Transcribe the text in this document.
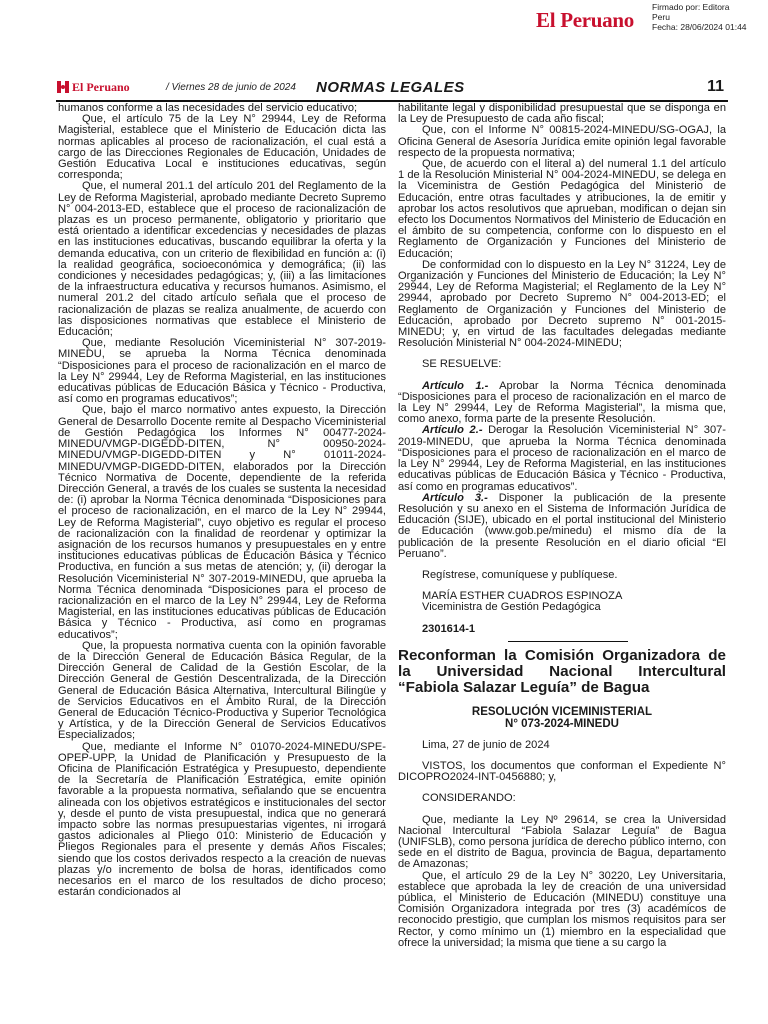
El Peruano
Firmado por: Editora
Peru
Fecha: 28/06/2024 01:44
El Peruano	/ Viernes 28 de junio de 2024 NORMAS LEGALES	11

humanos conforme a las necesidades del servicio educativo;

Que, el artículo 75 de la Ley N° 29944, Ley de Reforma Magisterial, establece que el Ministerio de Educación dicta las normas aplicables al proceso de racionalización, el cual está a cargo de las Direcciones Regionales de Educación, Unidades de Gestión Educativa Local e instituciones educativas, según corresponda;

Que, el numeral 201.1 del artículo 201 del Reglamento de la Ley de Reforma Magisterial, aprobado mediante Decreto Supremo N° 004-2013-ED, establece que el proceso de racionalización de plazas es un proceso permanente, obligatorio y prioritario que está orientado a identificar excedencias y necesidades de plazas en las instituciones educativas, buscando equilibrar la oferta y la demanda educativa, con un criterio de flexibilidad en función a: (i) la realidad geográfica, socioeconómica y demográfica; (ii) las condiciones y necesidades pedagógicas; y, (iii) a las limitaciones de la infraestructura educativa y recursos humanos. Asimismo, el numeral 201.2 del citado artículo señala que el proceso de racionalización de plazas se realiza anualmente, de acuerdo con las disposiciones normativas que establece el Ministerio de Educación;

Que, mediante Resolución Viceministerial N° 307-2019-MINEDU, se aprueba la Norma Técnica denominada “Disposiciones para el proceso de racionalización en el marco de la Ley N° 29944, Ley de Reforma Magisterial, en las instituciones educativas públicas de Educación Básica y Técnico - Productiva, así como en programas educativos”;

Que, bajo el marco normativo antes expuesto, la Dirección General de Desarrollo Docente remite al Despacho Viceministerial de Gestión Pedagógica los Informes N° 00477-2024-MINEDU/VMGP-DIGEDD-DITEN, N° 00950-2024-MINEDU/VMGP-DIGEDD-DITEN y N° 01011-2024-MINEDU/VMGP-DIGEDD-DITEN, elaborados por la Dirección Técnico Normativa de Docente, dependiente de la referida Dirección General, a través de los cuales se sustenta la necesidad de: (i) aprobar la Norma Técnica denominada “Disposiciones para el proceso de racionalización, en el marco de la Ley N° 29944, Ley de Reforma Magisterial”, cuyo objetivo es regular el proceso de racionalización con la finalidad de reordenar y optimizar la asignación de los recursos humanos y presupuestales en y entre instituciones educativas públicas de Educación Básica y Técnico Productiva, en función a sus metas de atención; y, (ii) derogar la Resolución Viceministerial N° 307-2019-MINEDU, que aprueba la Norma Técnica denominada “Disposiciones para el proceso de racionalización en el marco de la Ley N° 29944, Ley de Reforma Magisterial, en las instituciones educativas públicas de Educación Básica y Técnico - Productiva, así como en programas educativos”;

Que, la propuesta normativa cuenta con la opinión favorable de la Dirección General de Educación Básica Regular, de la Dirección General de Calidad de la Gestión Escolar, de la Dirección General de Gestión Descentralizada, de la Dirección General de Educación Básica Alternativa, Intercultural Bilingüe y de Servicios Educativos en el Ámbito Rural, de la Dirección General de Educación Técnico-Productiva y Superior Tecnológica y Artística, y de la Dirección General de Servicios Educativos Especializados;

Que, mediante el Informe N° 01070-2024-MINEDU/SPE-OPEP-UPP, la Unidad de Planificación y Presupuesto de la Oficina de Planificación Estratégica y Presupuesto, dependiente de la Secretaría de Planificación Estratégica, emite opinión favorable a la propuesta normativa, señalando que se encuentra alineada con los objetivos estratégicos e institucionales del sector y, desde el punto de vista presupuestal, indica que no generará impacto sobre las normas presupuestarias vigentes, ni irrogará gastos adicionales al Pliego 010: Ministerio de Educación y Pliegos Regionales para el presente y demás Años Fiscales; siendo que los costos derivados respecto a la creación de nuevas plazas y/o incremento de bolsa de horas, identificados como necesarios en el marco de los resultados de dicho proceso; estarán condicionados al

habilitante legal y disponibilidad presupuestal que se disponga en la Ley de Presupuesto de cada año fiscal;

Que, con el Informe N° 00815-2024-MINEDU/SG-OGAJ, la Oficina General de Asesoría Jurídica emite opinión legal favorable respecto de la propuesta normativa;

Que, de acuerdo con el literal a) del numeral 1.1 del artículo 1 de la Resolución Ministerial N° 004-2024-MINEDU, se delega en la Viceministra de Gestión Pedagógica del Ministerio de Educación, entre otras facultades y atribuciones, la de emitir y aprobar los actos resolutivos que aprueban, modifican o dejan sin efecto los Documentos Normativos del Ministerio de Educación en el ámbito de su competencia, conforme con lo dispuesto en el Reglamento de Organización y Funciones del Ministerio de Educación;

De conformidad con lo dispuesto en la Ley N° 31224, Ley de Organización y Funciones del Ministerio de Educación; la Ley N° 29944, Ley de Reforma Magisterial; el Reglamento de la Ley N° 29944, aprobado por Decreto Supremo N° 004-2013-ED; el Reglamento de Organización y Funciones del Ministerio de Educación, aprobado por Decreto supremo N° 001-2015-MINEDU; y, en virtud de las facultades delegadas mediante Resolución Ministerial N° 004-2024-MINEDU;

SE RESUELVE:

Artículo 1.- Aprobar la Norma Técnica denominada “Disposiciones para el proceso de racionalización en el marco de la Ley N° 29944, Ley de Reforma Magisterial”, la misma que, como anexo, forma parte de la presente Resolución.

Artículo 2.- Derogar la Resolución Viceministerial N° 307-2019-MINEDU, que aprueba la Norma Técnica denominada “Disposiciones para el proceso de racionalización en el marco de la Ley N° 29944, Ley de Reforma Magisterial, en las instituciones educativas públicas de Educación Básica y Técnico - Productiva, así como en programas educativos”.

Artículo 3.- Disponer la publicación de la presente Resolución y su anexo en el Sistema de Información Jurídica de Educación (SIJE), ubicado en el portal institucional del Ministerio de Educación (www.gob.pe/minedu) el mismo día de la publicación de la presente Resolución en el diario oficial “El Peruano”.

Regístrese, comuníquese y publíquese.

MARÍA ESTHER CUADROS ESPINOZA

Viceministra de Gestión Pedagógica

2301614-1

Reconforman la Comisión Organizadora de la Universidad Nacional Intercultural “Fabiola Salazar Leguía” de Bagua

RESOLUCIÓN VICEMINISTERIAL

N° 073-2024-MINEDU

Lima, 27 de junio de 2024

VISTOS, los documentos que conforman el Expediente N° DICOPRO2024-INT-0456880; y,

CONSIDERANDO:

Que, mediante la Ley Nº 29614, se crea la Universidad Nacional Intercultural “Fabiola Salazar Leguía” de Bagua (UNIFSLB), como persona jurídica de derecho público interno, con sede en el distrito de Bagua, provincia de Bagua, departamento de Amazonas;

Que, el artículo 29 de la Ley N° 30220, Ley Universitaria, establece que aprobada la ley de creación de una universidad pública, el Ministerio de Educación (MINEDU) constituye una Comisión Organizadora integrada por tres (3) académicos de reconocido prestigio, que cumplan los mismos requisitos para ser Rector, y como mínimo un (1) miembro en la especialidad que ofrece la universidad; la misma que tiene a su cargo la
